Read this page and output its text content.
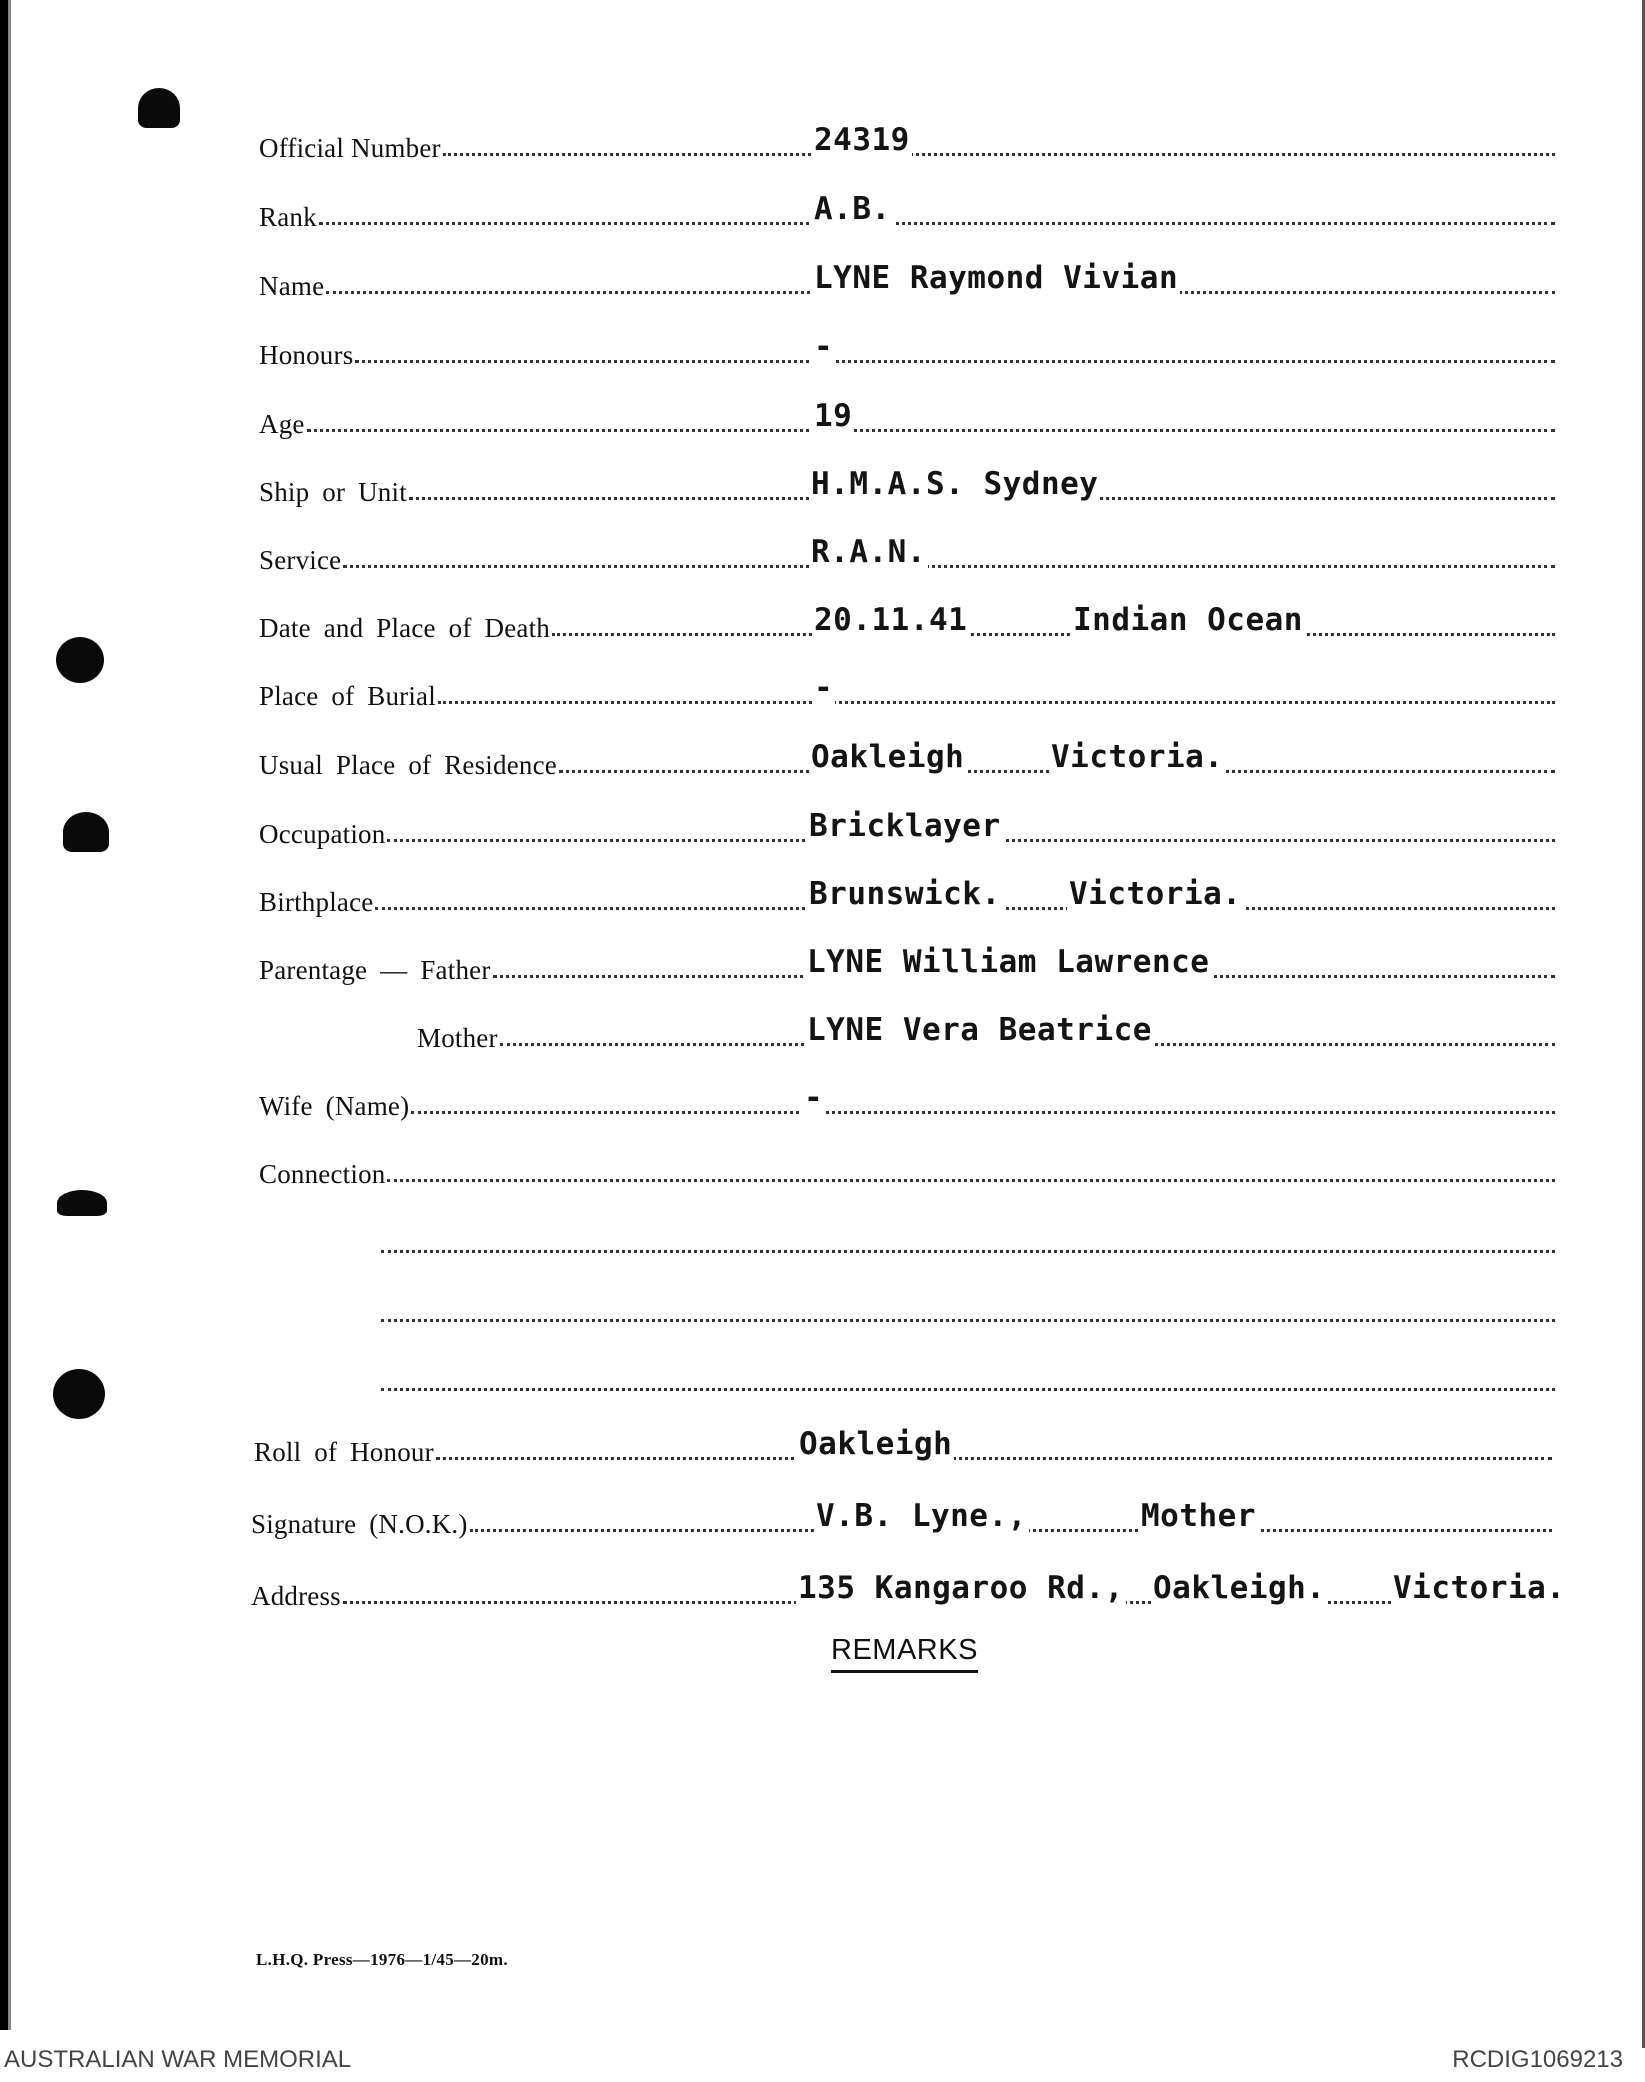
Official Number	24319
Rank	A.B.
Name	LYNE Raymond Vivian
Honours	-
Age	19
Ship or Unit	H.M.A.S. Sydney
Service	R.A.N.
Date and Place of Death	20.11.41	Indian Ocean
Place of Burial	-
Usual Place of Residence	Oakleigh	Victoria.
Occupation	Bricklayer
Birthplace	Brunswick. Victoria.
Parentage — Father	LYNE William Lawrence
Mother	LYNE Vera Beatrice
Wife (Name)	-
Connection
Roll of Honour	Oakleigh
Signature (N.O.K.)	V.B. Lyne.,	Mother
Address	135 Kangaroo Rd., Oakleigh. Victoria.
REMARKS
L.H.Q. Press—1976—1/45—20m.
AUSTRALIAN WAR MEMORIAL	RCDIG1069213
